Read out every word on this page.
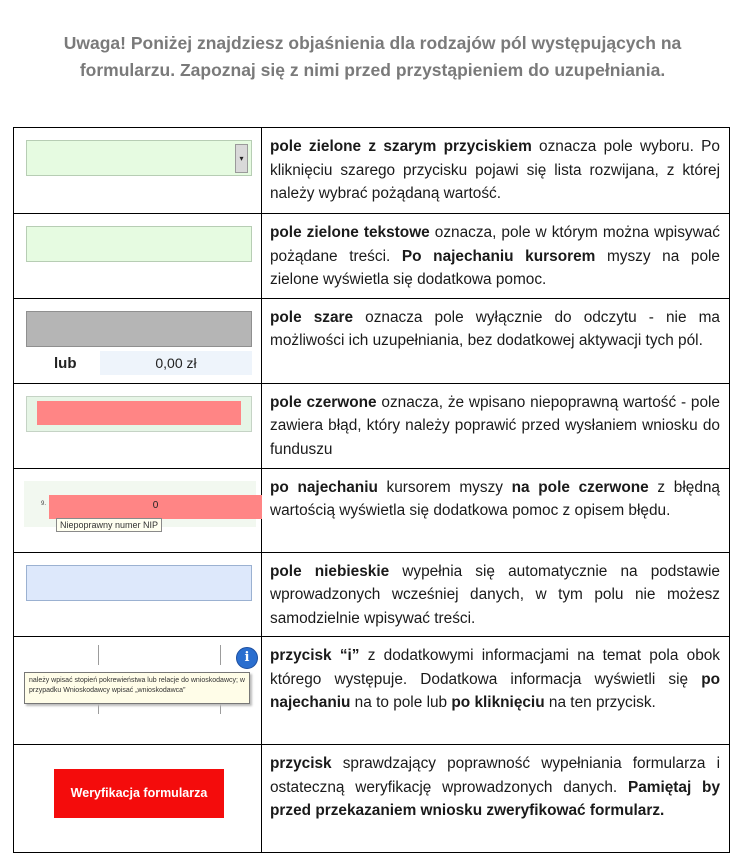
Uwaga! Poniżej znajdziesz objaśnienia dla rodzajów pól występujących na
formularzu. Zapoznaj się z nimi przed przystąpieniem do uzupełniania.
▾	pole zielone z szarym przyciskiem oznacza pole wyboru. Po kliknięciu szarego przycisku pojawi się lista rozwijana, z której należy wybrać pożądaną wartość.

	pole zielone tekstowe oznacza, pole w którym można wpisywać pożądane treści. Po najechaniu kursorem myszy na pole zielone wyświetla się dodatkowa pomoc.

lub 0,00 zł	pole szare oznacza pole wyłącznie do odczytu - nie ma możliwości ich uzupełniania, bez dodatkowej aktywacji tych pól.

	pole czerwone oznacza, że wpisano niepoprawną wartość - pole zawiera błąd, który należy poprawić przed wysłaniem wniosku do funduszu

9. 0
Niepoprawny numer NIP	po najechaniu kursorem myszy na pole czerwone z błędną wartością wyświetla się dodatkowa pomoc z opisem błędu.

	pole niebieskie wypełnia się automatycznie na podstawie wprowadzonych wcześniej danych, w tym polu nie możesz samodzielnie wpisywać treści.

i
należy wpisać stopień pokrewieństwa lub relacje do wnioskodawcy; w przypadku Wnioskodawcy wpisać „wnioskodawca”	przycisk “i” z dodatkowymi informacjami na temat pola obok którego występuje. Dodatkowa informacja wyświetli się po najechaniu na to pole lub po kliknięciu na ten przycisk.

Weryfikacja formularza	przycisk sprawdzający poprawność wypełniania formularza i ostateczną weryfikację wprowadzonych danych. Pamiętaj by przed przekazaniem wniosku zweryfikować formularz.
